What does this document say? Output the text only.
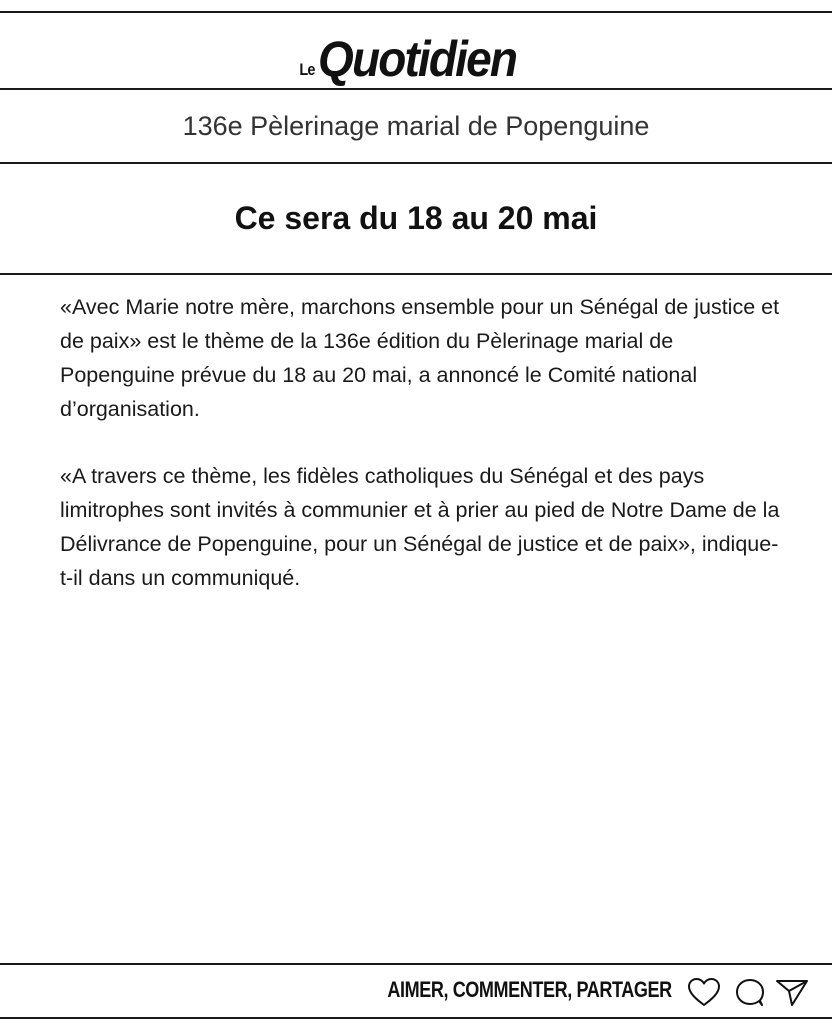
Le Quotidien
136e Pèlerinage marial de Popenguine
Ce sera du 18 au 20 mai

«Avec Marie notre mère, marchons ensemble pour un Sénégal de justice et de paix» est le thème de la 136e édition du Pèlerinage marial de Popenguine prévue du 18 au 20 mai, a annoncé le Comité national d’organisation.

«A travers ce thème, les fidèles catholiques du Sénégal et des pays limitrophes sont invités à communier et à prier au pied de Notre Dame de la Délivrance de Popenguine, pour un Sénégal de justice et de paix», indique-t-il dans un communiqué.

AIMER, COMMENTER, PARTAGER
